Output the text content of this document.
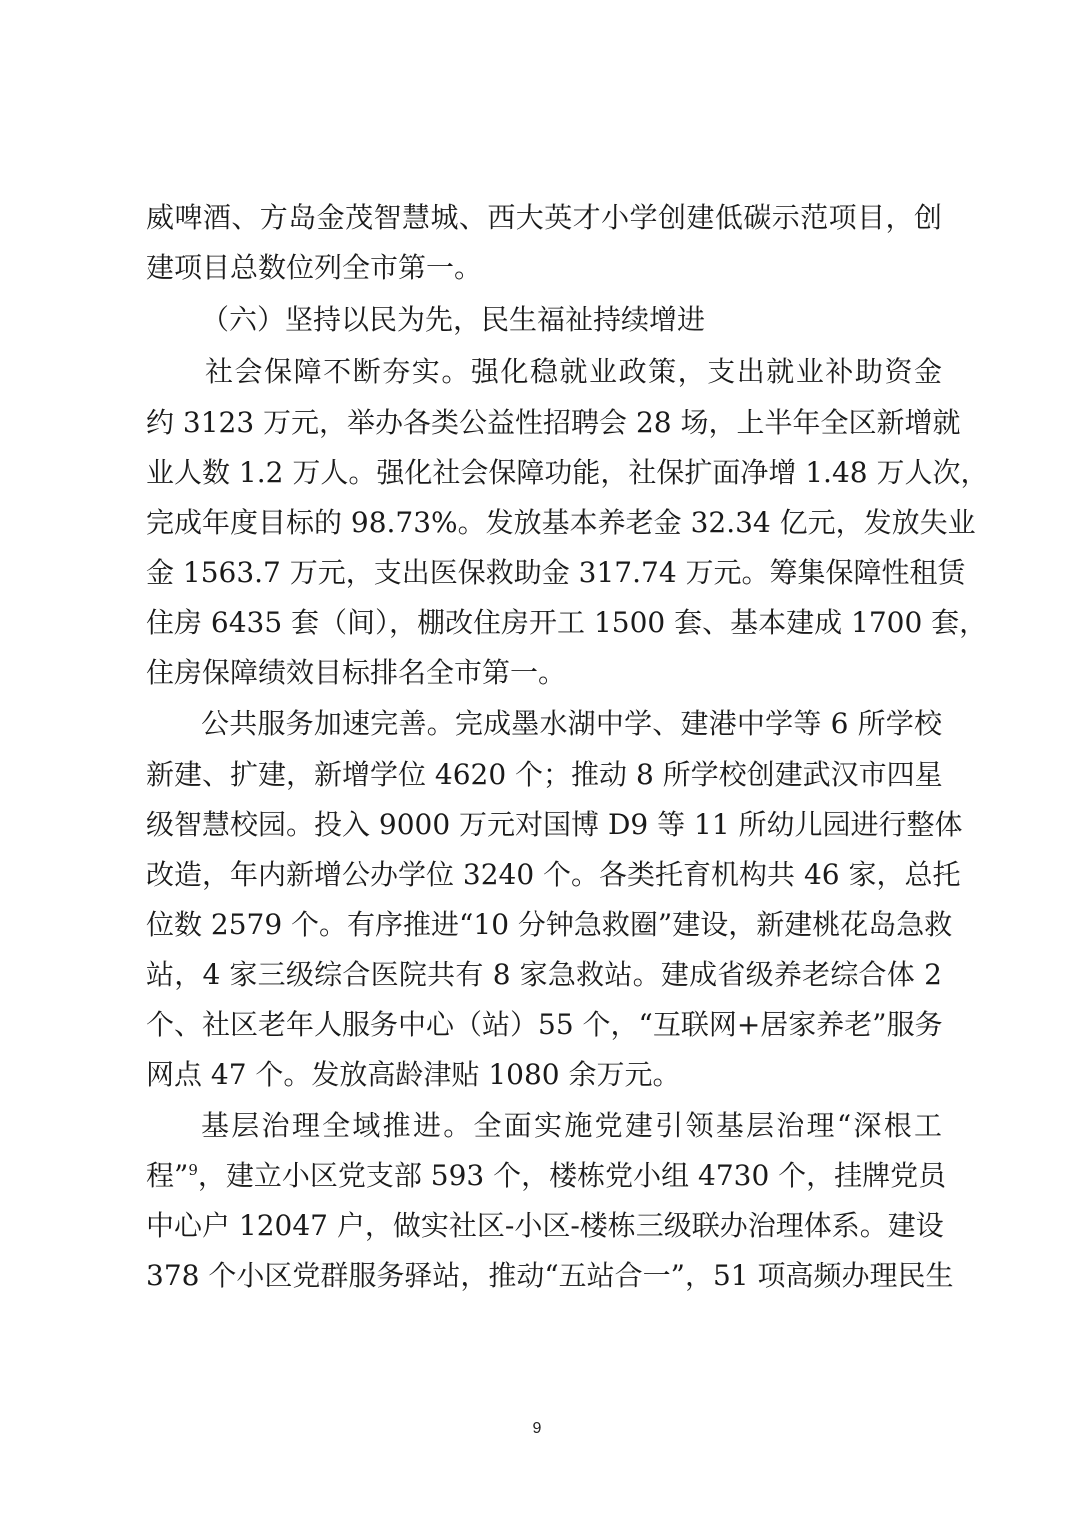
威啤酒、方岛金茂智慧城、西大英才小学创建低碳示范项目，创
建项目总数位列全市第一。
（六）坚持以民为先，民生福祉持续增进
社会保障不断夯实。强化稳就业政策，支出就业补助资金
约 3123 万元，举办各类公益性招聘会 28 场，上半年全区新增就
业人数 1.2 万人。强化社会保障功能，社保扩面净增 1.48 万人次，
完成年度目标的 98.73%。发放基本养老金 32.34 亿元，发放失业
金 1563.7 万元，支出医保救助金 317.74 万元。筹集保障性租赁
住房 6435 套（间），棚改住房开工 1500 套、基本建成 1700 套，
住房保障绩效目标排名全市第一。
公共服务加速完善。完成墨水湖中学、建港中学等 6 所学校
新建、扩建，新增学位 4620 个；推动 8 所学校创建武汉市四星
级智慧校园。投入 9000 万元对国博 D9 等 11 所幼儿园进行整体
改造，年内新增公办学位 3240 个。各类托育机构共 46 家，总托
位数 2579 个。有序推进“10 分钟急救圈”建设，新建桃花岛急救
站，4 家三级综合医院共有 8 家急救站。建成省级养老综合体 2
个、社区老年人服务中心（站）55 个，“互联网+居家养老”服务
网点 47 个。发放高龄津贴 1080 余万元。
基层治理全域推进。全面实施党建引领基层治理“深根工
程”$^9$，建立小区党支部 593 个，楼栋党小组 4730 个，挂牌党员
中心户 12047 户，做实社区-小区-楼栋三级联办治理体系。建设
378 个小区党群服务驿站，推动“五站合一”，51 项高频办理民生
9
